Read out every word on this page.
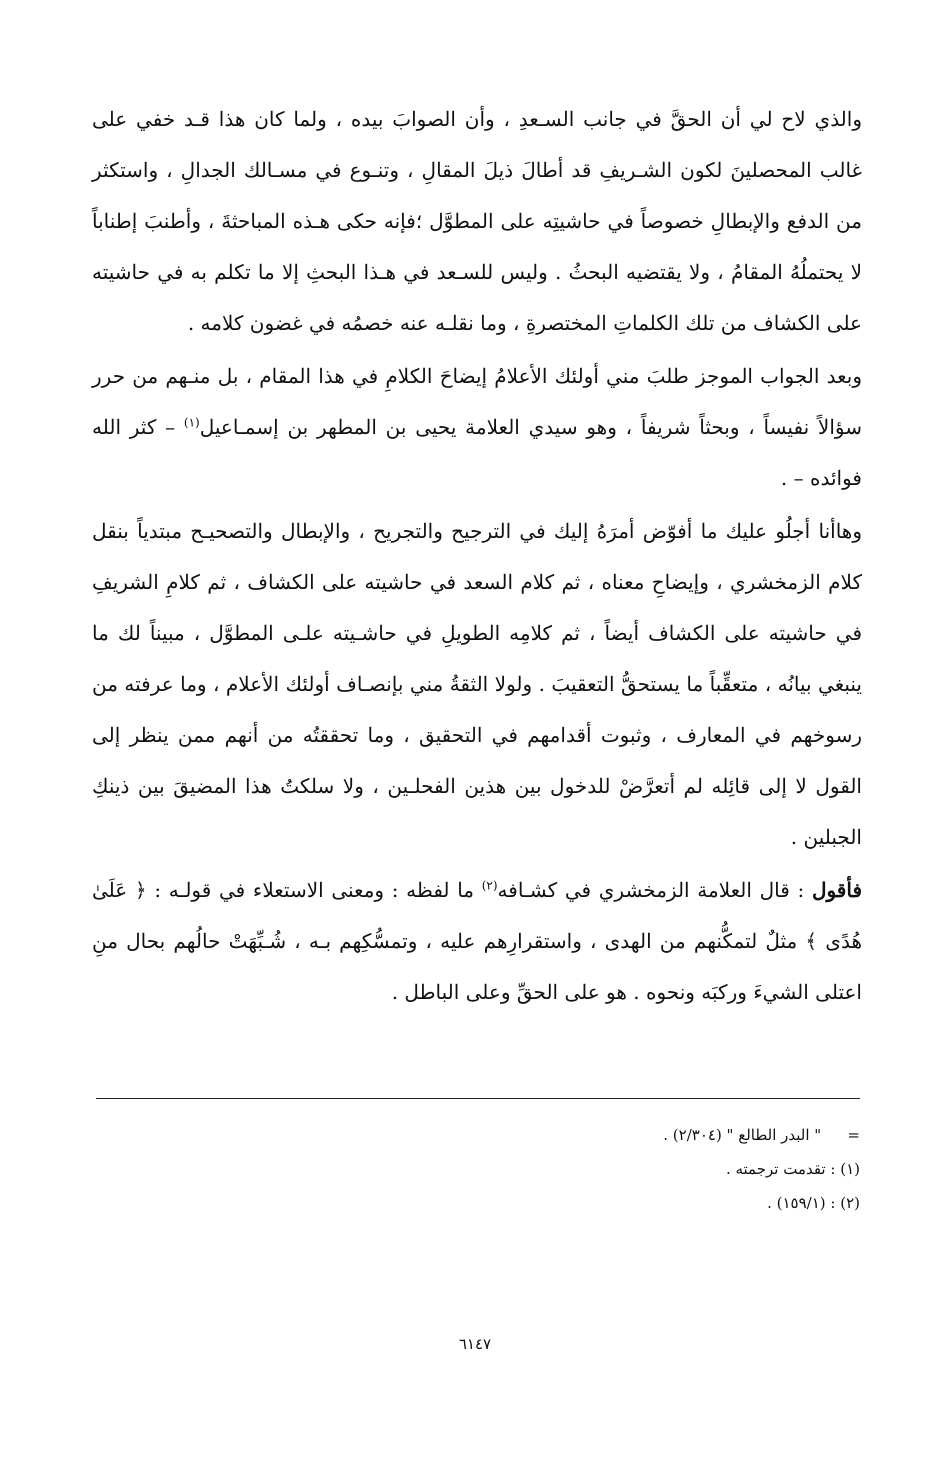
والذي لاح لي أن الحقَّ في جانب السـعدِ ، وأن الصوابَ بيده ، ولما كان هذا قـد خفي على غالب المحصلينَ لكون الشـريفِ قد أطالَ ذيلَ المقالِ ، وتنـوع في مسـالك الجدالِ ، واستكثر من الدفع والإبطالِ خصوصاً في حاشيتِه على المطوَّل ؛فإنه حكى هـذه المباحثةَ ، وأطنبَ إطناباً لا يحتملُهُ المقامُ ، ولا يقتضيه البحثُ . وليس للسـعد في هـذا البحثِ إلا ما تكلم به في حاشيته على الكشاف من تلك الكلماتِ المختصرةِ ، وما نقلـه عنه خصمُه في غضون كلامه .

وبعد الجواب الموجز طلبَ مني أولئك الأعلامُ إيضاحَ الكلامِ في هذا المقام ، بل منـهم من حرر سؤالاً نفيساً ، وبحثاً شريفاً ، وهو سيدي العلامة يحيى بن المطهر بن إسمـاعيل$^{(١)}$ – كثر الله فوائده – .

وهاأنا أجلُو عليك ما أفوّض أمرَهُ إليك في الترجيح والتجريح ، والإبطال والتصحيـح مبتدياً بنقل كلام الزمخشري ، وإيضاحِ معناه ، ثم كلام السعد في حاشيته على الكشاف ، ثم كلامِ الشريفِ في حاشيته على الكشاف أيضاً ، ثم كلامِه الطويلِ في حاشـيته علـى المطوَّل ، مبيناً لك ما ينبغي بيانُه ، متعقِّباً ما يستحقُّ التعقيبَ . ولولا الثقةُ مني بإنصـاف أولئك الأعلام ، وما عرفته من رسوخهم في المعارف ، وثبوت أقدامهم في التحقيق ، وما تحققتُه من أنهم ممن ينظر إلى القول لا إلى قائِله لم أتعرَّضْ للدخول بين هذين الفحلـين ، ولا سلكتُ هذا المضيقَ بين ذينكِ الجبلين .

فأقول : قال العلامة الزمخشري في كشـافه$^{(٢)}$ ما لفظه : ومعنى الاستعلاء في قولـه : ﴿ عَلَىٰ هُدًى ﴾ مثلٌ لتمكُّنهم من الهدى ، واستقرارِهم عليه ، وتمسُّكِهم بـه ، شُـبِّهَتْ حالُهم بحال منِ اعتلى الشيءَ وركبَه ونحوه . هو على الحقِّ وعلى الباطل .

= " البدر الطالع " (٢/٣٠٤) .

(١) : تقدمت ترجمته .

(٢) : (١٥٩/١) .

٦١٤٧
